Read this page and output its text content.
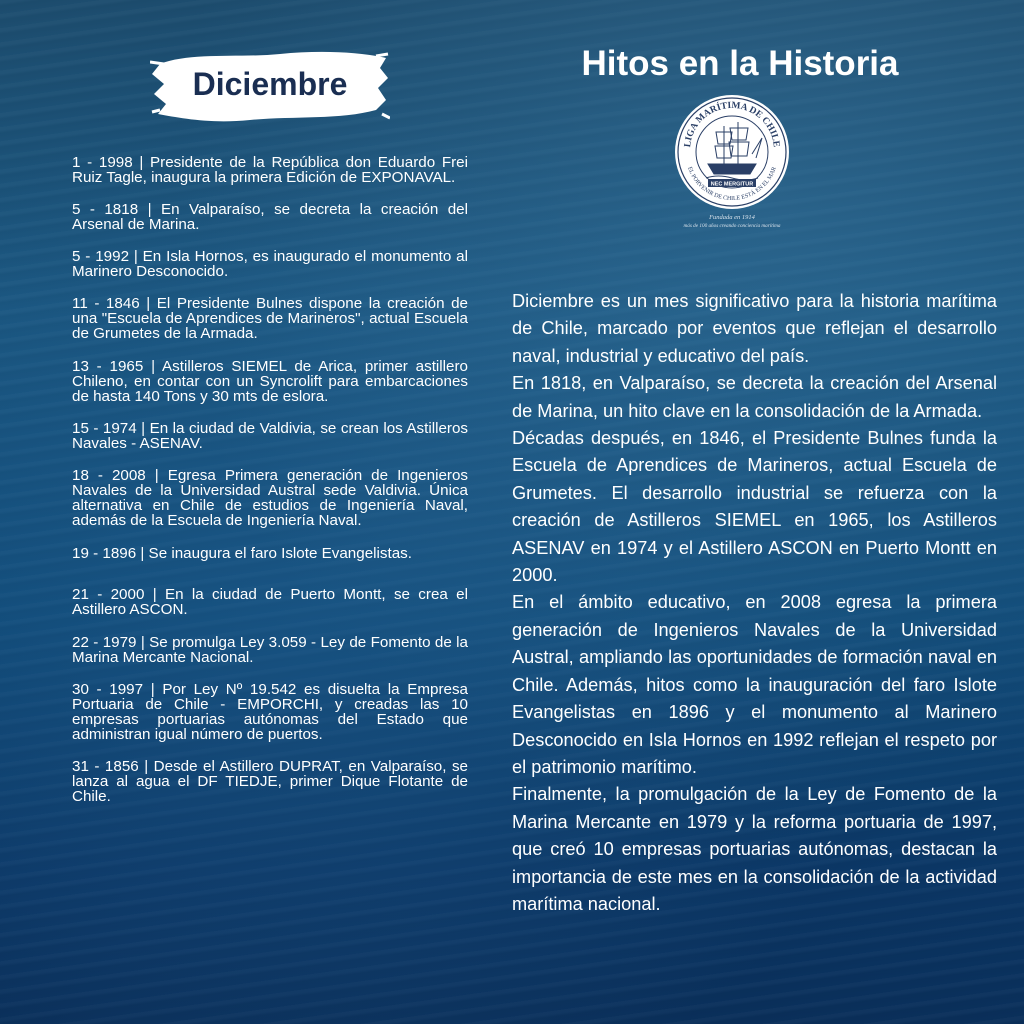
Diciembre
Hitos en la Historia
LIGA MARÍTIMA DE CHILE
EL PORVENIR DE CHILE ESTÁ EN EL MAR
NEC MERGITUR
Fundada en 1914
más de 100 años creando conciencia marítima

1 - 1998 | Presidente de la República don Eduardo Frei Ruiz Tagle, inaugura la primera Edición de EXPONAVAL.

5 - 1818 | En Valparaíso, se decreta la creación del Arsenal de Marina.

5 - 1992 | En Isla Hornos, es inaugurado el monumento al Marinero Desconocido.

11 - 1846 | El Presidente Bulnes dispone la creación de una "Escuela de Aprendices de Marineros", actual Escuela de Grumetes de la Armada.

13 - 1965 | Astilleros SIEMEL de Arica, primer astillero Chileno, en contar con un Syncrolift para embarcaciones de hasta 140 Tons y 30 mts de eslora.

15 - 1974 | En la ciudad de Valdivia, se crean los Astilleros Navales - ASENAV.

18 - 2008 | Egresa Primera generación de Ingenieros Navales de la Universidad Austral sede Valdivia. Única alternativa en Chile de estudios de Ingeniería Naval, además de la Escuela de Ingeniería Naval.

19 - 1896 | Se inaugura el faro Islote Evangelistas.

21 - 2000 | En la ciudad de Puerto Montt, se crea el Astillero ASCON.

22 - 1979 | Se promulga Ley 3.059 - Ley de Fomento de la Marina Mercante Nacional.

30 - 1997 | Por Ley Nº 19.542 es disuelta la Empresa Portuaria de Chile - EMPORCHI, y creadas las 10 empresas portuarias autónomas del Estado que administran igual número de puertos.

31 - 1856 | Desde el Astillero DUPRAT, en Valparaíso, se lanza al agua el DF TIEDJE, primer Dique Flotante de Chile.

Diciembre es un mes significativo para la historia marítima de Chile, marcado por eventos que reflejan el desarrollo naval, industrial y educativo del país.

En 1818, en Valparaíso, se decreta la creación del Arsenal de Marina, un hito clave en la consolidación de la Armada.

Décadas después, en 1846, el Presidente Bulnes funda la Escuela de Aprendices de Marineros, actual Escuela de Grumetes. El desarrollo industrial se refuerza con la creación de Astilleros SIEMEL en 1965, los Astilleros ASENAV en 1974 y el Astillero ASCON en Puerto Montt en 2000.

En el ámbito educativo, en 2008 egresa la primera generación de Ingenieros Navales de la Universidad Austral, ampliando las oportunidades de formación naval en Chile. Además, hitos como la inauguración del faro Islote Evangelistas en 1896 y el monumento al Marinero Desconocido en Isla Hornos en 1992 reflejan el respeto por el patrimonio marítimo.

Finalmente, la promulgación de la Ley de Fomento de la Marina Mercante en 1979 y la reforma portuaria de 1997, que creó 10 empresas portuarias autónomas, destacan la importancia de este mes en la consolidación de la actividad marítima nacional.
